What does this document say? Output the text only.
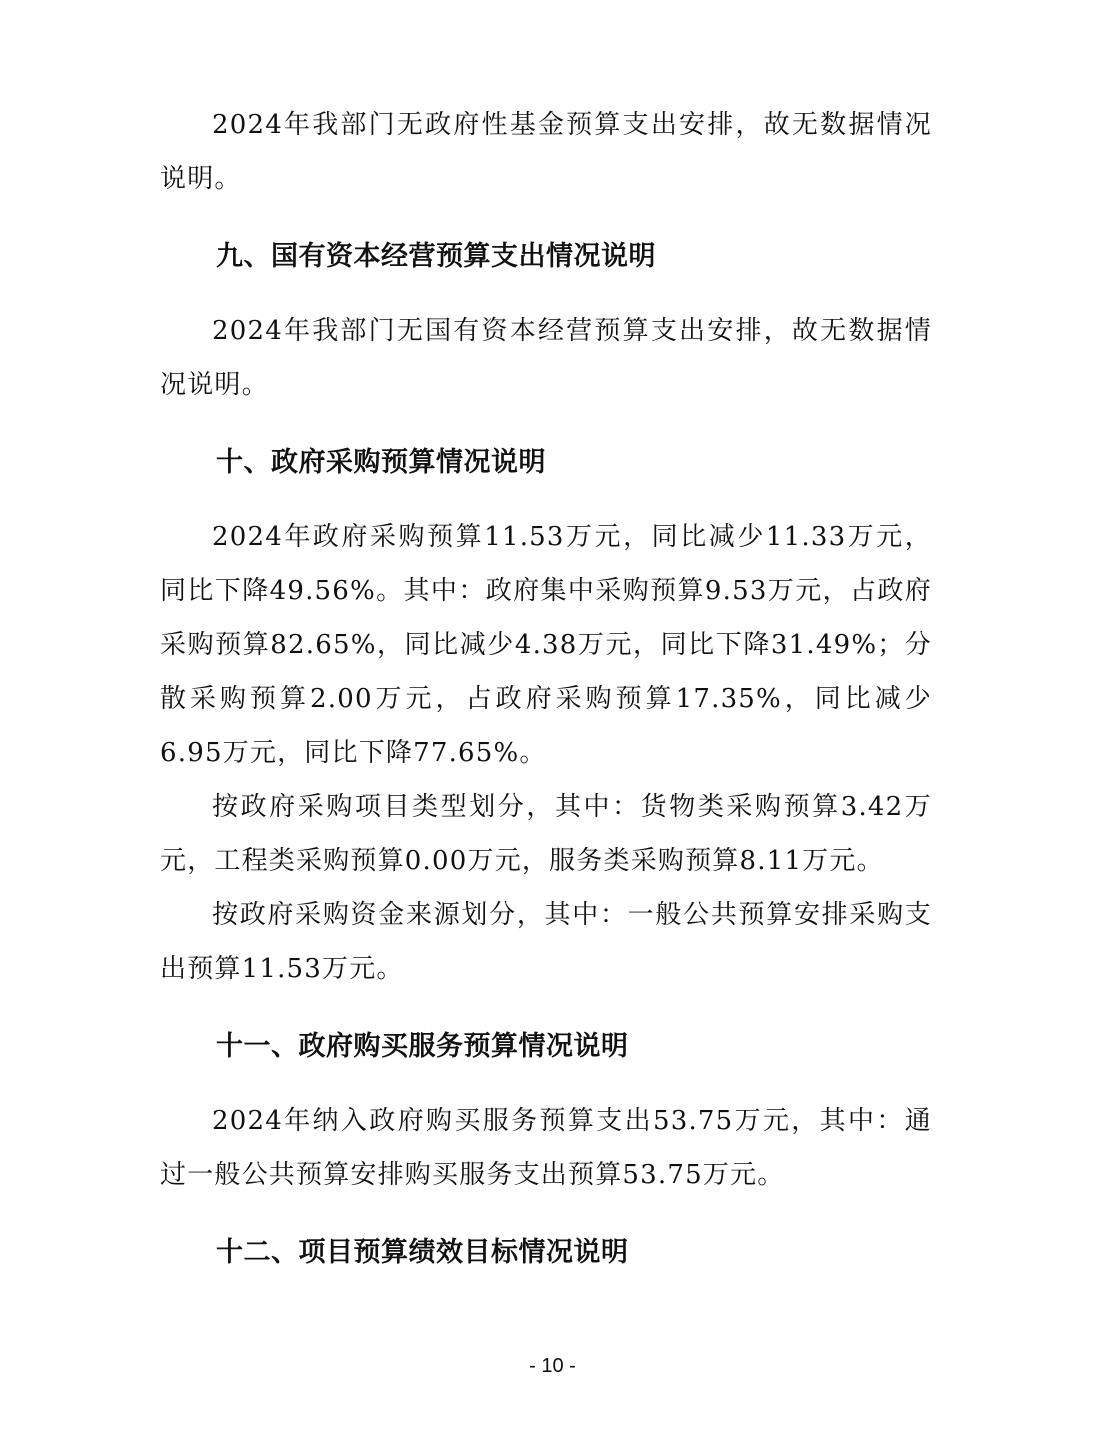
2024年我部门无政府性基金预算支出安排，故无数据情况说明。

九、国有资本经营预算支出情况说明

2024年我部门无国有资本经营预算支出安排，故无数据情况说明。

十、政府采购预算情况说明

2024年政府采购预算11.53万元，同比减少11.33万元，同比下降49.56%。其中：政府集中采购预算9.53万元，占政府采购预算82.65%，同比减少4.38万元，同比下降31.49%；分散采购预算2.00万元，占政府采购预算17.35%，同比减少6.95万元，同比下降77.65%。

按政府采购项目类型划分，其中：货物类采购预算3.42万元，工程类采购预算0.00万元，服务类采购预算8.11万元。

按政府采购资金来源划分，其中：一般公共预算安排采购支出预算11.53万元。

十一、政府购买服务预算情况说明

2024年纳入政府购买服务预算支出53.75万元，其中：通过一般公共预算安排购买服务支出预算53.75万元。

十二、项目预算绩效目标情况说明
- 10 -
